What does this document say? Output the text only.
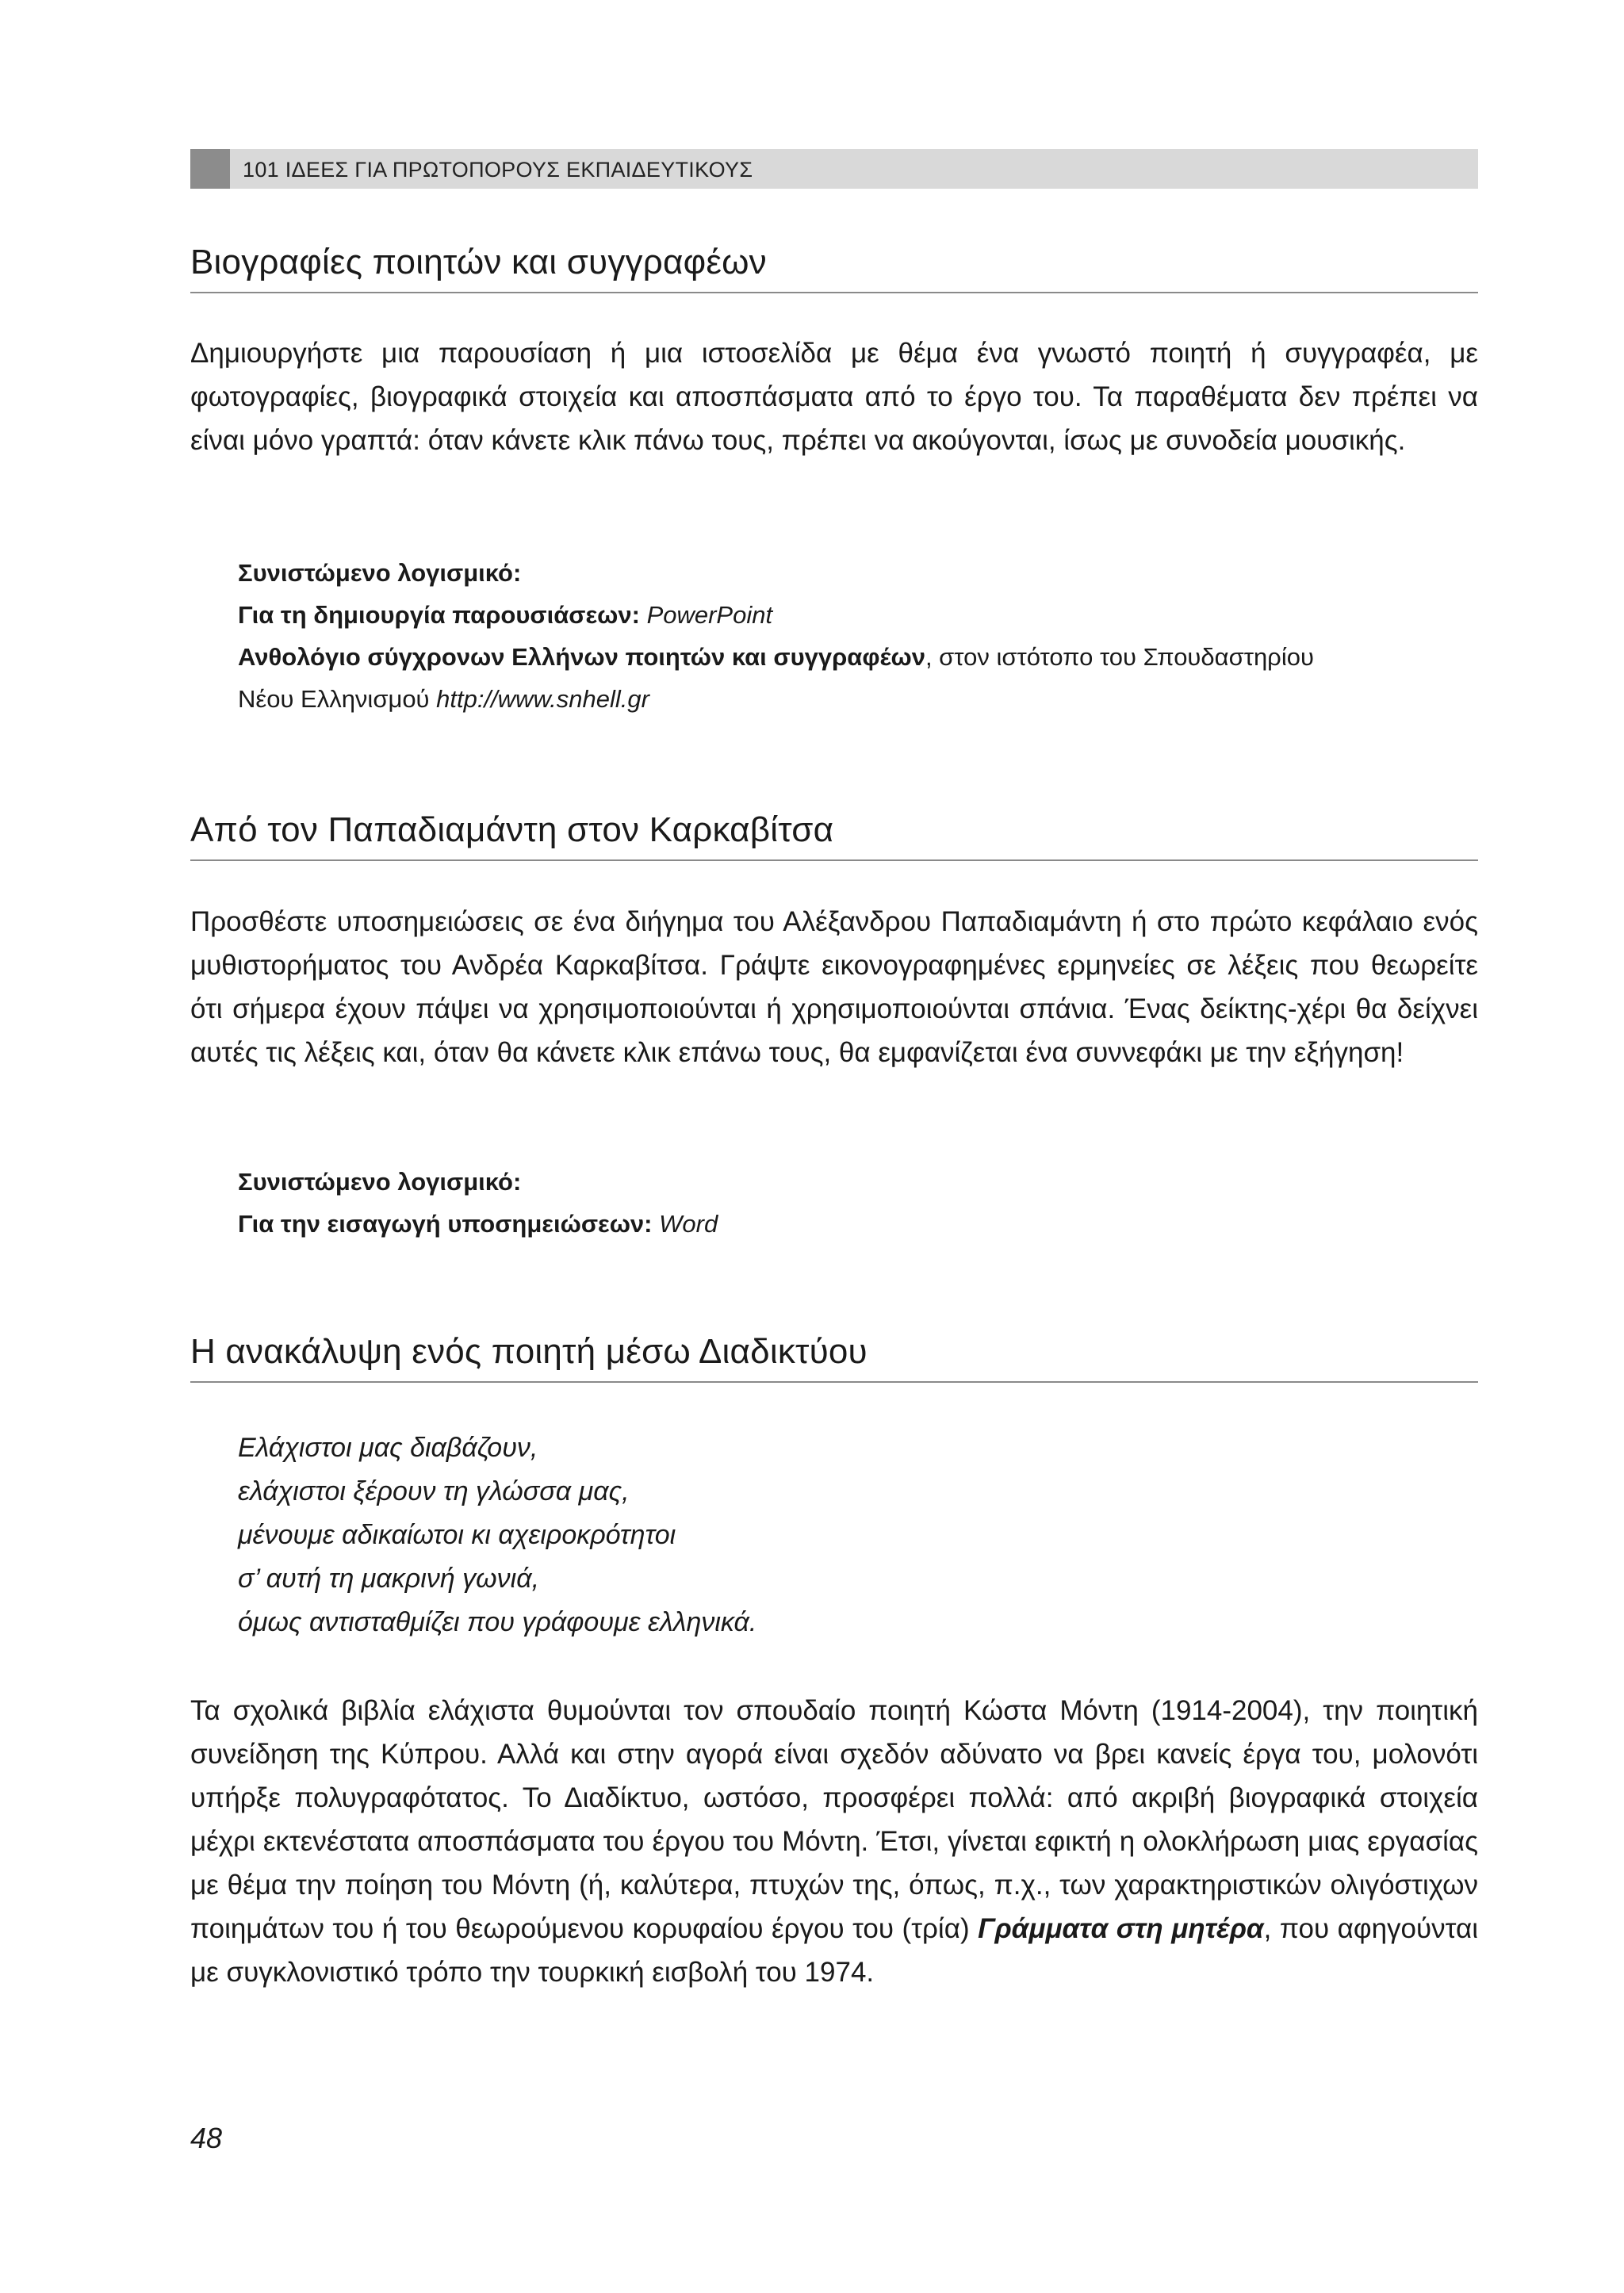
101 ΙΔΕΕΣ ΓΙΑ ΠΡΩΤΟΠΟΡΟΥΣ ΕΚΠΑΙΔΕΥΤΙΚΟΥΣ
Βιογραφίες ποιητών και συγγραφέων

Δημιουργήστε μια παρουσίαση ή μια ιστοσελίδα με θέμα ένα γνωστό ποιητή ή συγγραφέα, με φωτογραφίες, βιογραφικά στοιχεία και αποσπάσματα από το έργο του. Τα παραθέματα δεν πρέπει να είναι μόνο γραπτά: όταν κάνετε κλικ πάνω τους, πρέπει να ακούγονται, ίσως με συνοδεία μουσικής.

Συνιστώμενο λογισμικό:
Για τη δημιουργία παρουσιάσεων: PowerPoint
Ανθολόγιο σύγχρονων Ελλήνων ποιητών και συγγραφέων, στον ιστότοπο του Σπουδαστηρίου
Νέου Ελληνισμού http://www.snhell.gr
Από τον Παπαδιαμάντη στον Καρκαβίτσα

Προσθέστε υποσημειώσεις σε ένα διήγημα του Αλέξανδρου Παπαδιαμάντη ή στο πρώτο κεφάλαιο ενός μυθιστορήματος του Ανδρέα Καρκαβίτσα. Γράψτε εικονογραφημένες ερμηνείες σε λέξεις που θεωρείτε ότι σήμερα έχουν πάψει να χρησιμοποιούνται ή χρησιμοποιούνται σπάνια. Ένας δείκτης-χέρι θα δείχνει αυτές τις λέξεις και, όταν θα κάνετε κλικ επάνω τους, θα εμφανίζεται ένα συννεφάκι με την εξήγηση!

Συνιστώμενο λογισμικό:
Για την εισαγωγή υποσημειώσεων: Word
Η ανακάλυψη ενός ποιητή μέσω Διαδικτύου
Ελάχιστοι μας διαβάζουν,
ελάχιστοι ξέρουν τη γλώσσα μας,
μένουμε αδικαίωτοι κι αχειροκρότητοι
σ’ αυτή τη μακρινή γωνιά,
όμως αντισταθμίζει που γράφουμε ελληνικά.

Τα σχολικά βιβλία ελάχιστα θυμούνται τον σπουδαίο ποιητή Κώστα Μόντη (1914-2004), την ποιητική συνείδηση της Κύπρου. Αλλά και στην αγορά είναι σχεδόν αδύνατο να βρει κανείς έργα του, μολονότι υπήρξε πολυγραφότατος. Το Διαδίκτυο, ωστόσο, προσφέρει πολλά: από ακριβή βιογραφικά στοιχεία μέχρι εκτενέστατα αποσπάσματα του έργου του Μόντη. Έτσι, γίνεται εφικτή η ολοκλήρωση μιας εργασίας με θέμα την ποίηση του Μόντη (ή, καλύτερα, πτυχών της, όπως, π.χ., των χαρακτηριστικών ολιγόστιχων ποιημάτων του ή του θεωρούμενου κορυφαίου έργου του (τρία) Γράμματα στη μητέρα, που αφηγούνται με συγκλονιστικό τρόπο την τουρκική εισβολή του 1974.

48
